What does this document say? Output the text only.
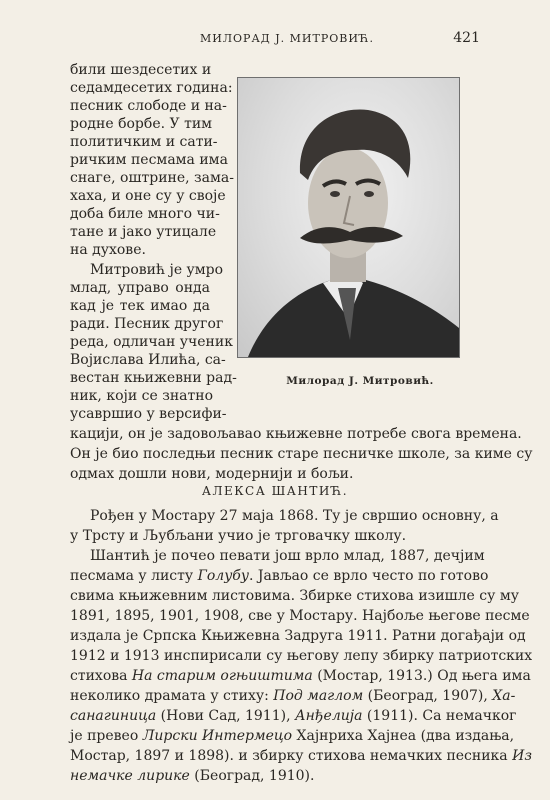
МИЛОРАД Ј. МИТРОВИЋ.	421
Милорад Ј. Митровић.
били шездесетих и
седамдесетих година:
песник слободе и на-
родне борбе. У тим
политичким и сати-
ричким песмама има
снаге, оштрине, зама-
хаха, и оне су у своје
доба биле много чи-
тане и јако утицале
на духове.
Митровић је умро
млад, управо онда
кад је тек имао да
ради. Песник другог
реда, одличан ученик
Војислава Илића, са-
вестан књижевни рад-
ник, који се знатно
кацији, он је задовољавао књижевне потребе свога времена.
Он је био последњи песник старе песничке школе, за киме су
одмах дошли нови, модернији и бољи.
АЛЕКСА ШАНТИЋ.
Рођен у Мостару 27 маја 1868. Ту је свршио основну, а
у Трсту и Љубљани учио је трговачку школу.
Шантић је почео певати још врло млад, 1887, дечјим
песмама у листу Голубу. Јављао се врло често по готово
свима књижевним листовима. Збирке стихова изишле су му
1891, 1895, 1901, 1908, све у Мостару. Најбоље његове песме
издала је Српска Књижевна Задруга 1911. Ратни догађаји од
1912 и 1913 инспирисали су његову лепу збирку патриотских
стихова На старим огњиштима (Мостар, 1913.) Од њега има
неколико драмата у стиху: Под маглом (Београд, 1907), Ха-
санагиница (Нови Сад, 1911), Анђелија (1911). Са немачког
је превео Лирски Интермецо Хајнриха Хајнеа (два издања,
Мостар, 1897 и 1898). и збирку стихова немачких песника Из
немачке лирике (Београд, 1910).
усавршио у версифи-
